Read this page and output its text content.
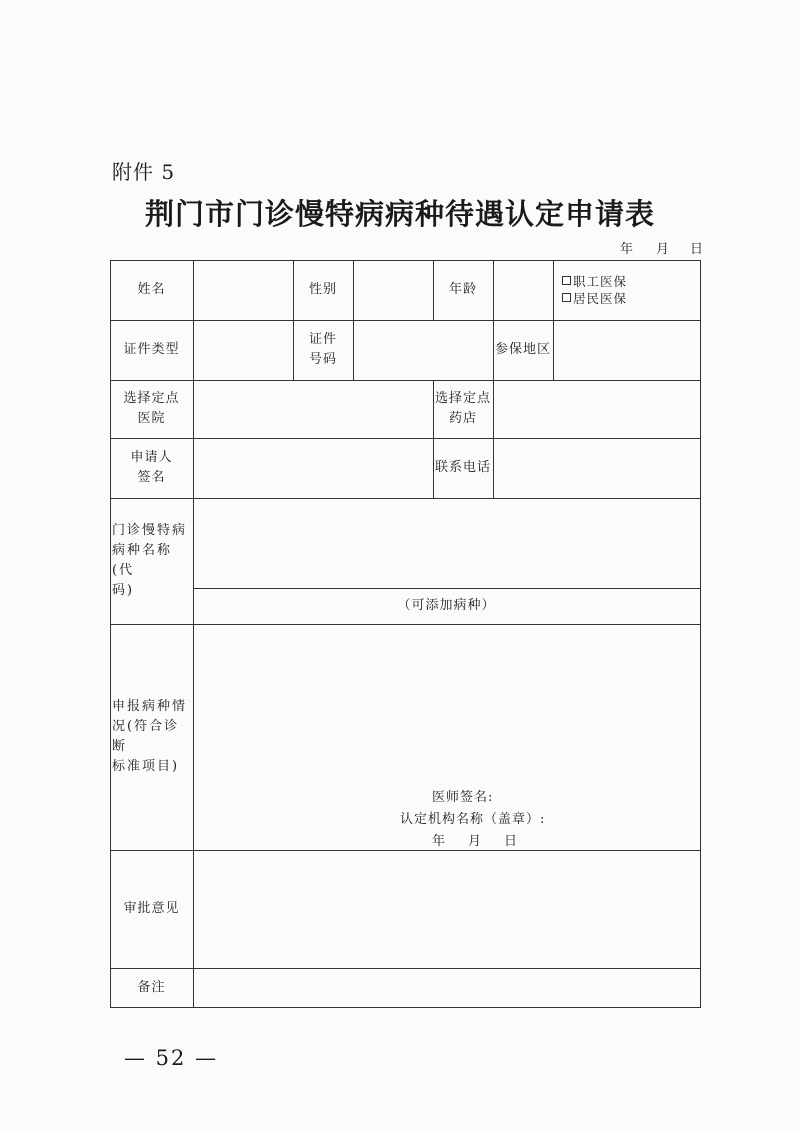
附件 5
荆门市门诊慢特病病种待遇认定申请表
年 月 日
姓名	性别	年龄
职工医保
居民医保
证件类型
证件
号码
参保地区
选择定点
医院
选择定点
药店
申请人
签名
联系电话
门诊慢特病
病种名称(代
码)
（可添加病种）
申报病种情
况(符合诊断
标准项目)
医师签名:
认定机构名称（盖章）:
年 月 日
审批意见
备注
— 52 —
